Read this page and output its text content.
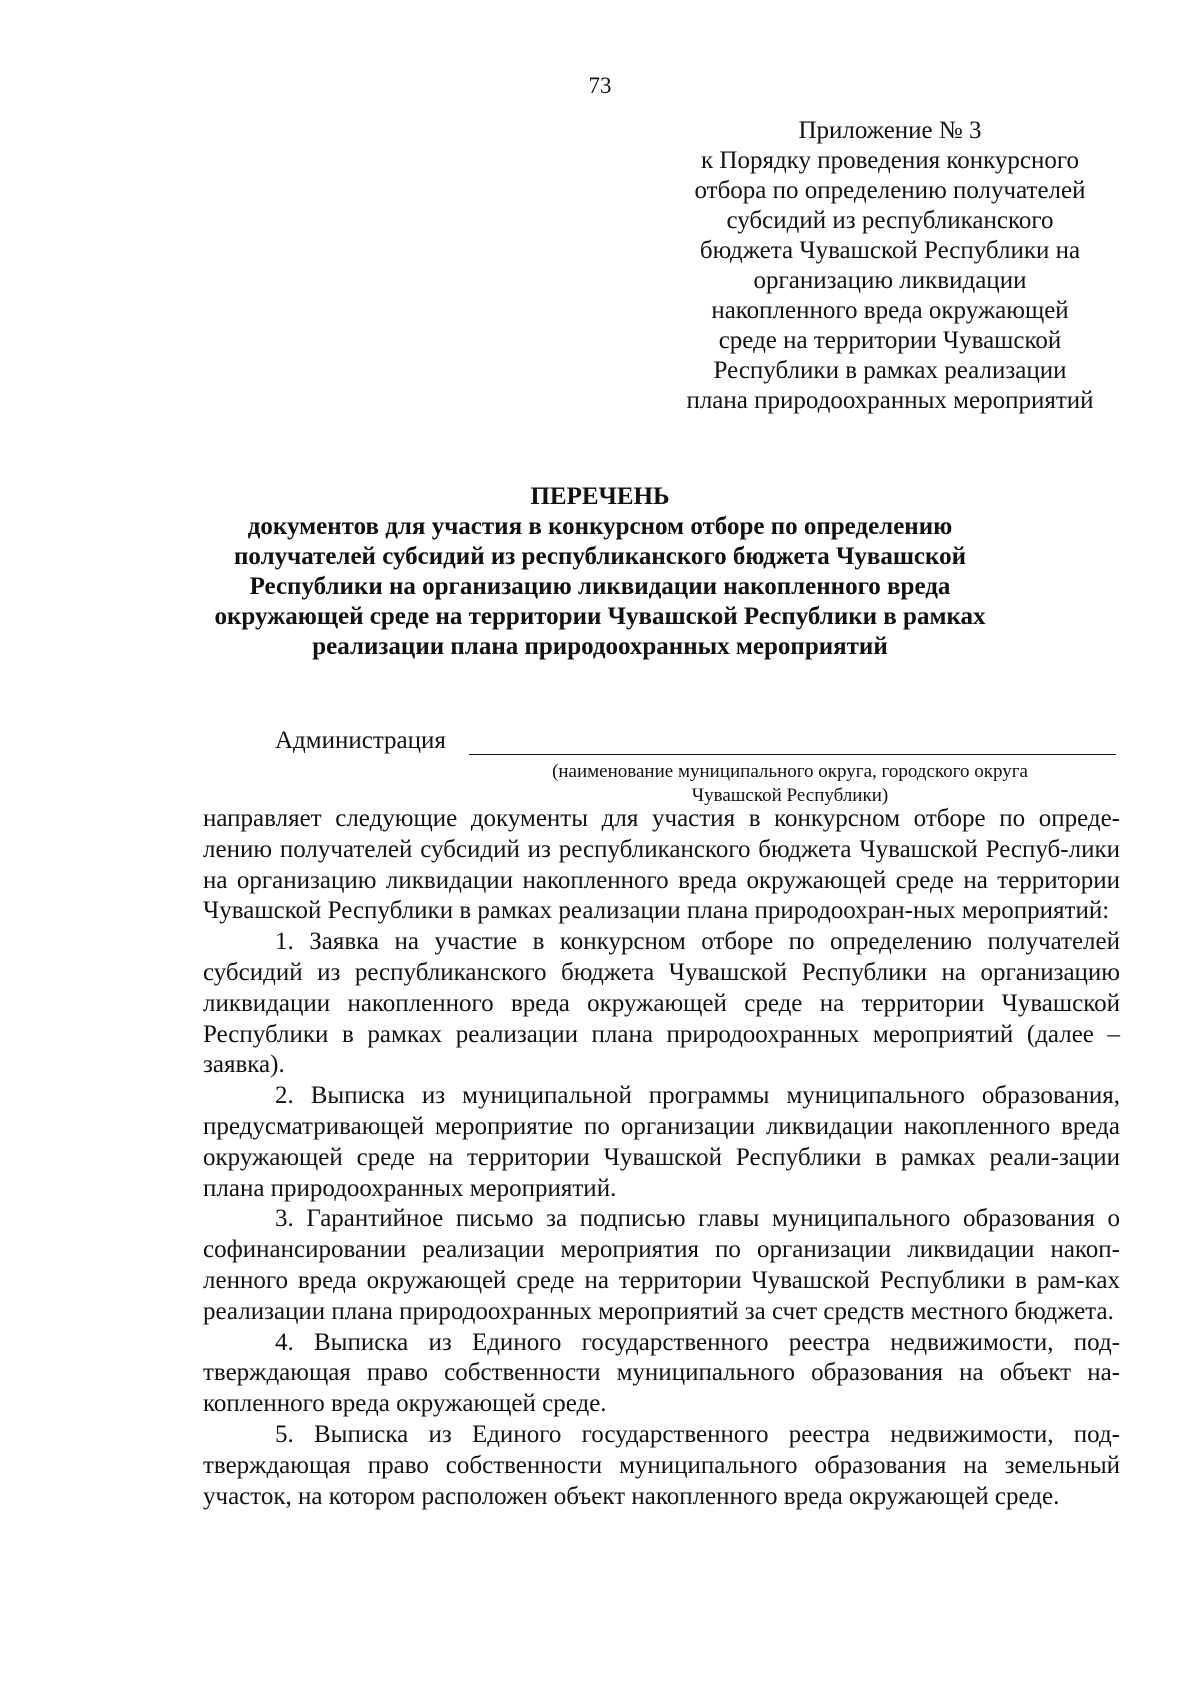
73
Приложение № 3
к Порядку проведения конкурсного
отбора по определению получателей
субсидий из республиканского
бюджета Чувашской Республики на
организацию ликвидации
накопленного вреда окружающей
среде на территории Чувашской
Республики в рамках реализации
плана природоохранных мероприятий
ПЕРЕЧЕНЬ
документов для участия в конкурсном отборе по определению
получателей субсидий из республиканского бюджета Чувашской
Республики на организацию ликвидации накопленного вреда
окружающей среде на территории Чувашской Республики в рамках
реализации плана природоохранных мероприятий
Администрация
(наименование муниципального округа, городского округа
Чувашской Республики)

направляет следующие документы для участия в конкурсном отборе по опреде-лению получателей субсидий из республиканского бюджета Чувашской Респуб-лики на организацию ликвидации накопленного вреда окружающей среде на территории Чувашской Республики в рамках реализации плана природоохран-ных мероприятий:

1. Заявка на участие в конкурсном отборе по определению получателей субсидий из республиканского бюджета Чувашской Республики на организацию ликвидации накопленного вреда окружающей среде на территории Чувашской Республики в рамках реализации плана природоохранных мероприятий (далее – заявка).

2. Выписка из муниципальной программы муниципального образования, предусматривающей мероприятие по организации ликвидации накопленного вреда окружающей среде на территории Чувашской Республики в рамках реали-зации плана природоохранных мероприятий.

3. Гарантийное письмо за подписью главы муниципального образования о софинансировании реализации мероприятия по организации ликвидации накоп-ленного вреда окружающей среде на территории Чувашской Республики в рам-ках реализации плана природоохранных мероприятий за счет средств местного бюджета.

4. Выписка из Единого государственного реестра недвижимости, под-тверждающая право собственности муниципального образования на объект на-копленного вреда окружающей среде.

5. Выписка из Единого государственного реестра недвижимости, под-тверждающая право собственности муниципального образования на земельный участок, на котором расположен объект накопленного вреда окружающей среде.
